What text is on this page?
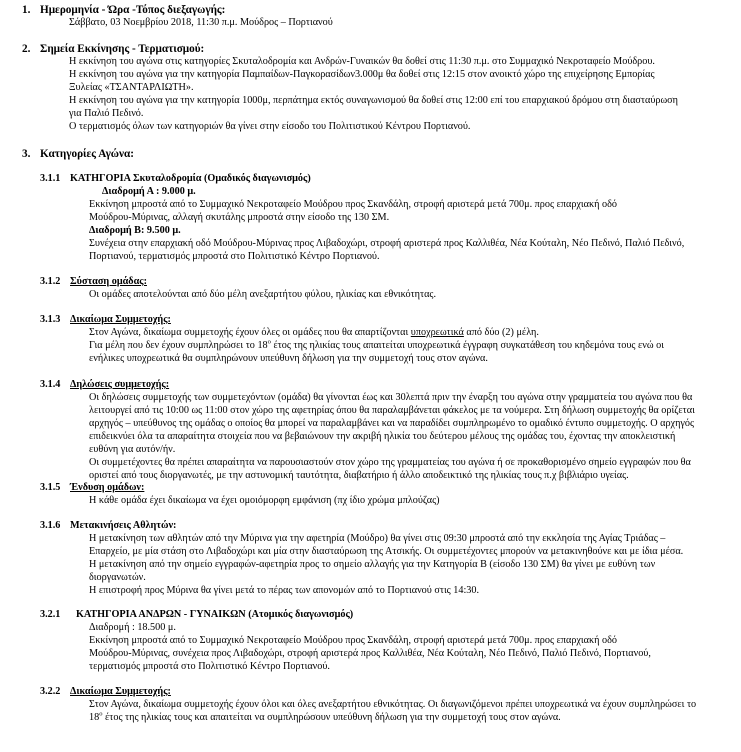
1. Ημερομηνία - Ώρα -Τόπος διεξαγωγής:
Σάββατο, 03 Νοεμβρίου 2018, 11:30 π.μ. Μούδρος – Πορτιανού
2. Σημεία Εκκίνησης - Τερματισμού:
Η εκκίνηση του αγώνα στις κατηγορίες Σκυταλοδρομία και Ανδρών-Γυναικών θα δοθεί στις 11:30 π.μ. στο Συμμαχικό Νεκροταφείο Μούδρου.
Η εκκίνηση του αγώνα για την κατηγορία Παμπαίδων-Παγκορασίδων3.000μ θα δοθεί στις 12:15 στον ανοικτό χώρο της επιχείρησης Εμπορίας
Ξυλείας «ΤΣΑΝΤΑΡΛΙΩΤΗ».
Η εκκίνηση του αγώνα για την κατηγορία 1000μ, περπάτημα εκτός συναγωνισμού θα δοθεί στις 12:00 επί του επαρχιακού δρόμου στη διασταύρωση
για Παλιό Πεδινό.
Ο τερματισμός όλων των κατηγοριών θα γίνει στην είσοδο του Πολιτιστικού Κέντρου Πορτιανού.
3. Κατηγορίες Αγώνα:
3.1.1 ΚΑΤΗΓΟΡΙΑ Σκυταλοδρομία (Ομαδικός διαγωνισμός)
Διαδρομή Α : 9.000 μ.
Εκκίνηση μπροστά από το Συμμαχικό Νεκροταφείο Μούδρου προς Σκανδάλη, στροφή αριστερά μετά 700μ. προς επαρχιακή οδό
Μούδρου-Μύρινας, αλλαγή σκυτάλης μπροστά στην είσοδο της 130 ΣΜ.
Διαδρομή Β: 9.500 μ.
Συνέχεια στην επαρχιακή οδό Μούδρου-Μύρινας προς Λιβαδοχώρι, στροφή αριστερά προς Καλλιθέα, Νέα Κούταλη, Νέο Πεδινό, Παλιό Πεδινό,
Πορτιανού, τερματισμός μπροστά στο Πολιτιστικό Κέντρο Πορτιανού.
3.1.2 Σύσταση ομάδας:
Οι ομάδες αποτελούνται από δύο μέλη ανεξαρτήτου φύλου, ηλικίας και εθνικότητας.
3.1.3 Δικαίωμα Συμμετοχής:
Στον Αγώνα, δικαίωμα συμμετοχής έχουν όλες οι ομάδες που θα απαρτίζονται υποχρεωτικά από δύο (2) μέλη.
Για μέλη που δεν έχουν συμπληρώσει το $18^o$ έτος της ηλικίας τους απαιτείται υποχρεωτικά έγγραφη συγκατάθεση του κηδεμόνα τους ενώ οι
ενήλικες υποχρεωτικά θα συμπληρώνουν υπεύθυνη δήλωση για την συμμετοχή τους στον αγώνα.
3.1.4 Δηλώσεις συμμετοχής:
Οι δηλώσεις συμμετοχής των συμμετεχόντων (ομάδα) θα γίνονται έως και 30λεπτά πριν την έναρξη του αγώνα στην γραμματεία του αγώνα που θα
λειτουργεί από τις 10:00 ως 11:00 στον χώρο της αφετηρίας όπου θα παραλαμβάνεται φάκελος με τα νούμερα. Στη δήλωση συμμετοχής θα ορίζεται
αρχηγός – υπεύθυνος της ομάδας ο οποίος θα μπορεί να παραλαμβάνει και να παραδίδει συμπληρωμένο το ομαδικό έντυπο συμμετοχής. Ο αρχηγός
επιδεικνύει όλα τα απαραίτητα στοιχεία που να βεβαιώνουν την ακριβή ηλικία του δεύτερου μέλους της ομάδας του, έχοντας την αποκλειστική
ευθύνη για αυτόν/ήν.
Οι συμμετέχοντες θα πρέπει απαραίτητα να παρουσιαστούν στον χώρο της γραμματείας του αγώνα ή σε προκαθορισμένο σημείο εγγραφών που θα
οριστεί από τους διοργανωτές, με την αστυνομική ταυτότητα, διαβατήριο ή άλλο αποδεικτικό της ηλικίας τους π.χ βιβλιάριο υγείας.
3.1.5 Ένδυση ομάδων:
Η κάθε ομάδα έχει δικαίωμα να έχει ομοιόμορφη εμφάνιση (πχ ίδιο χρώμα μπλούζας)
3.1.6 Μετακινήσεις Αθλητών:
Η μετακίνηση των αθλητών από την Μύρινα για την αφετηρία (Μούδρο) θα γίνει στις 09:30 μπροστά από την εκκλησία της Αγίας Τριάδας –
Επαρχείο, με μία στάση στο Λιβαδοχώρι και μία στην διασταύρωση της Ατσικής. Οι συμμετέχοντες μπορούν να μετακινηθούνε και με ίδια μέσα.
Η μετακίνηση από την σημείο εγγραφών-αφετηρία προς το σημείο αλλαγής για την Κατηγορία Β (είσοδο 130 ΣΜ) θα γίνει με ευθύνη των
διοργανωτών.
Η επιστροφή προς Μύρινα θα γίνει μετά το πέρας των απονομών από το Πορτιανού στις 14:30.
3.2.1 ΚΑΤΗΓΟΡΙΑ ΑΝΔΡΩΝ - ΓΥΝΑΙΚΩΝ (Ατομικός διαγωνισμός)
Διαδρομή : 18.500 μ.
Εκκίνηση μπροστά από το Συμμαχικό Νεκροταφείο Μούδρου προς Σκανδάλη, στροφή αριστερά μετά 700μ. προς επαρχιακή οδό
Μούδρου-Μύρινας, συνέχεια προς Λιβαδοχώρι, στροφή αριστερά προς Καλλιθέα, Νέα Κούταλη, Νέο Πεδινό, Παλιό Πεδινό, Πορτιανού,
τερματισμός μπροστά στο Πολιτιστικό Κέντρο Πορτιανού.
3.2.2 Δικαίωμα Συμμετοχής:
Στον Αγώνα, δικαίωμα συμμετοχής έχουν όλοι και όλες ανεξαρτήτου εθνικότητας. Οι διαγωνιζόμενοι πρέπει υποχρεωτικά να έχουν συμπληρώσει το
$18^o$ έτος της ηλικίας τους και απαιτείται να συμπληρώσουν υπεύθυνη δήλωση για την συμμετοχή τους στον αγώνα.
